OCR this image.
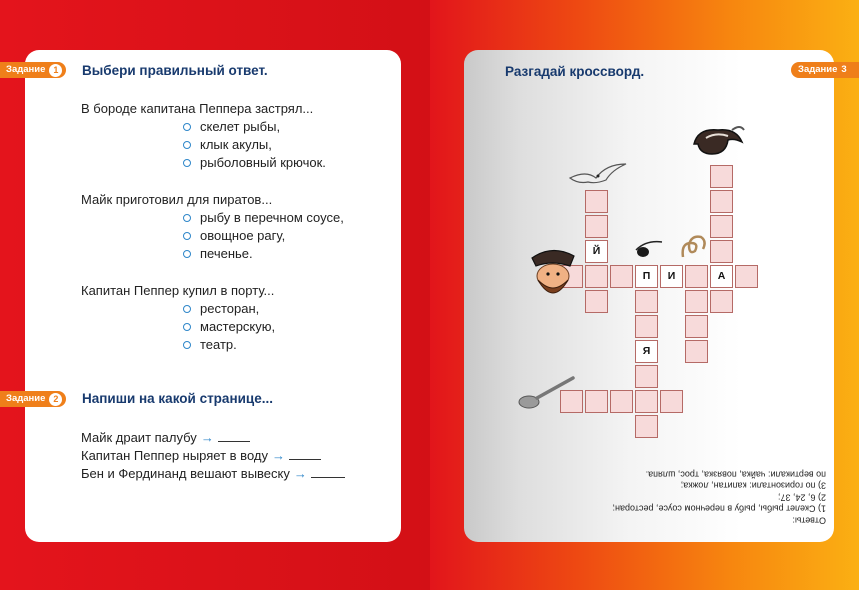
Задание 1 Выбери правильный ответ.
В бороде капитана Пеппера застрял...
скелет рыбы,
клык акулы,
рыболовный крючок.
Майк приготовил для пиратов...
рыбу в перечном соусе,
овощное рагу,
печенье.
Капитан Пеппер купил в порту...
ресторан,
мастерскую,
театр.
Задание 2 Напиши на какой странице...
Майк драит палубу →
Капитан Пеппер ныряет в воду →
Бен и Фердинанд вешают вывеску →
Задание 3
Разгадай кроссворд.
Й
П	И	А
Я
Ответы:
1) Скелет рыбы, рыбу в перечном соусе, ресторан;
2) 6, 24, 37;
3) по горизонтали: капитан, ложка;
по вертикали: чайка, повязка, трос, шляпа.
